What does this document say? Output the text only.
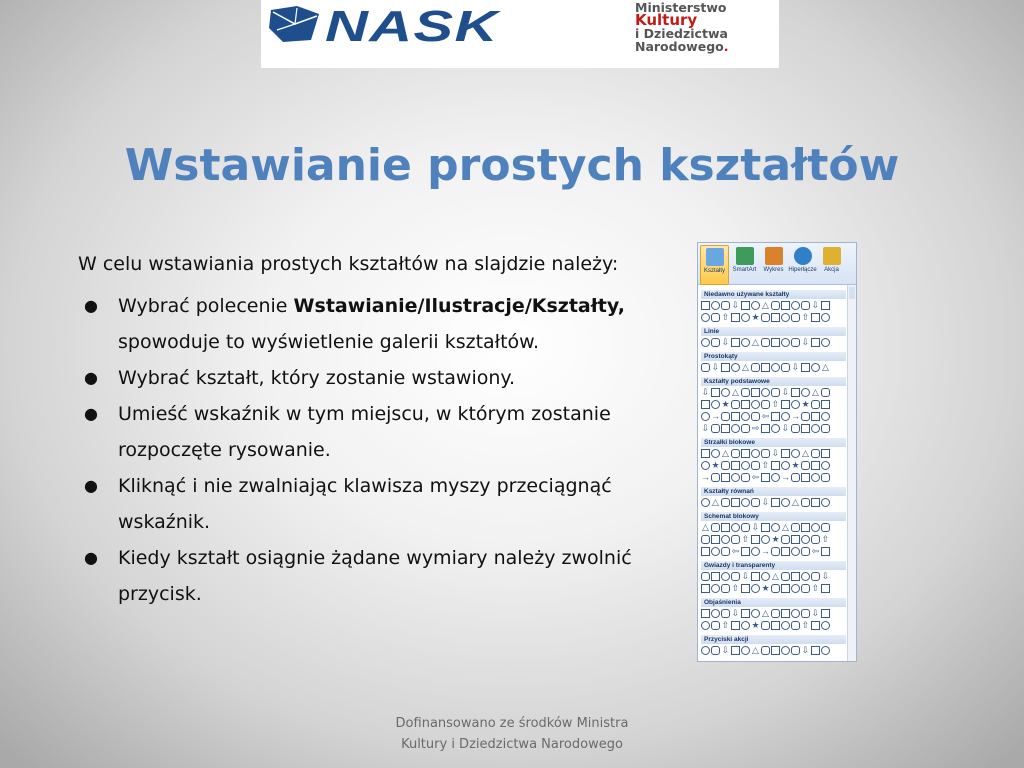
NASK	Ministerstwo
Kultury
i Dziedzictwa
Narodowego.
Wstawianie prostych kształtów

W celu wstawiania prostych kształtów na slajdzie należy:

● Wybrać polecenie Wstawianie/Ilustracje/Kształty, spowoduje to wyświetlenie galerii kształtów.
● Wybrać kształt, który zostanie wstawiony.
● Umieść wskaźnik w tym miejscu, w którym zostanie rozpoczęte rysowanie.
● Kliknąć i nie zwalniając klawisza myszy przeciągnąć wskaźnik.
● Kiedy kształt osiągnie żądane wymiary należy zwolnić przycisk.
Kształty SmartArt Wykres Hiperłącze Akcja
Niedawno używane kształty
⇩	△	⇩
⇧ ★	⇧
Linie
⇩	△	⇩
Prostokąty
⇩	△	⇩	△
Kształty podstawowe
⇩	△	⇩	△
★	⇧ ★
→	⇦ →
⇩	⇨ ⇩
Strzałki blokowe
△	⇩	△
★	⇧ ★
→	⇦ →
Kształty równań
△	⇩	△
Schemat blokowy
△	⇩	△
⇧ ★	⇧
⇦ →	⇦
Gwiazdy i transparenty
⇩	△	⇩
⇧ ★	⇧
Objaśnienia
⇩	△	⇩
⇧ ★	⇧
Przyciski akcji
⇩	△	⇩
Dofinansowano ze środków Ministra
Kultury i Dziedzictwa Narodowego
